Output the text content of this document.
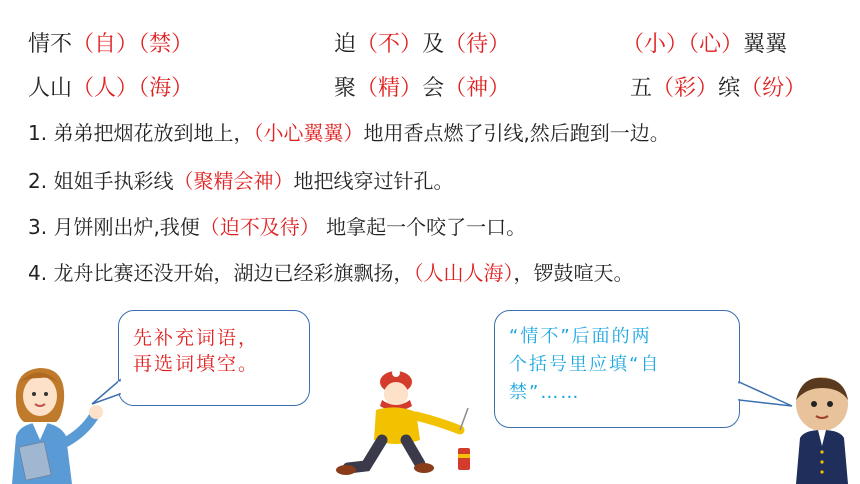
情不（自）（禁）	迫（不）及（待）	（小）（心）翼翼
人山（人）（海）	聚（精）会（神）	五（彩）缤（纷）
1. 弟弟把烟花放到地上，（小心翼翼）地用香点燃了引线,然后跑到一边。
2. 姐姐手执彩线（聚精会神）地把线穿过针孔。
3. 月饼刚出炉,我便（迫不及待） 地拿起一个咬了一口。
4. 龙舟比赛还没开始，湖边已经彩旗飘扬，（人山人海），锣鼓喧天。
先补充词语，
再选词填空。
“情不”后面的两
个括号里应填“自
禁”……
